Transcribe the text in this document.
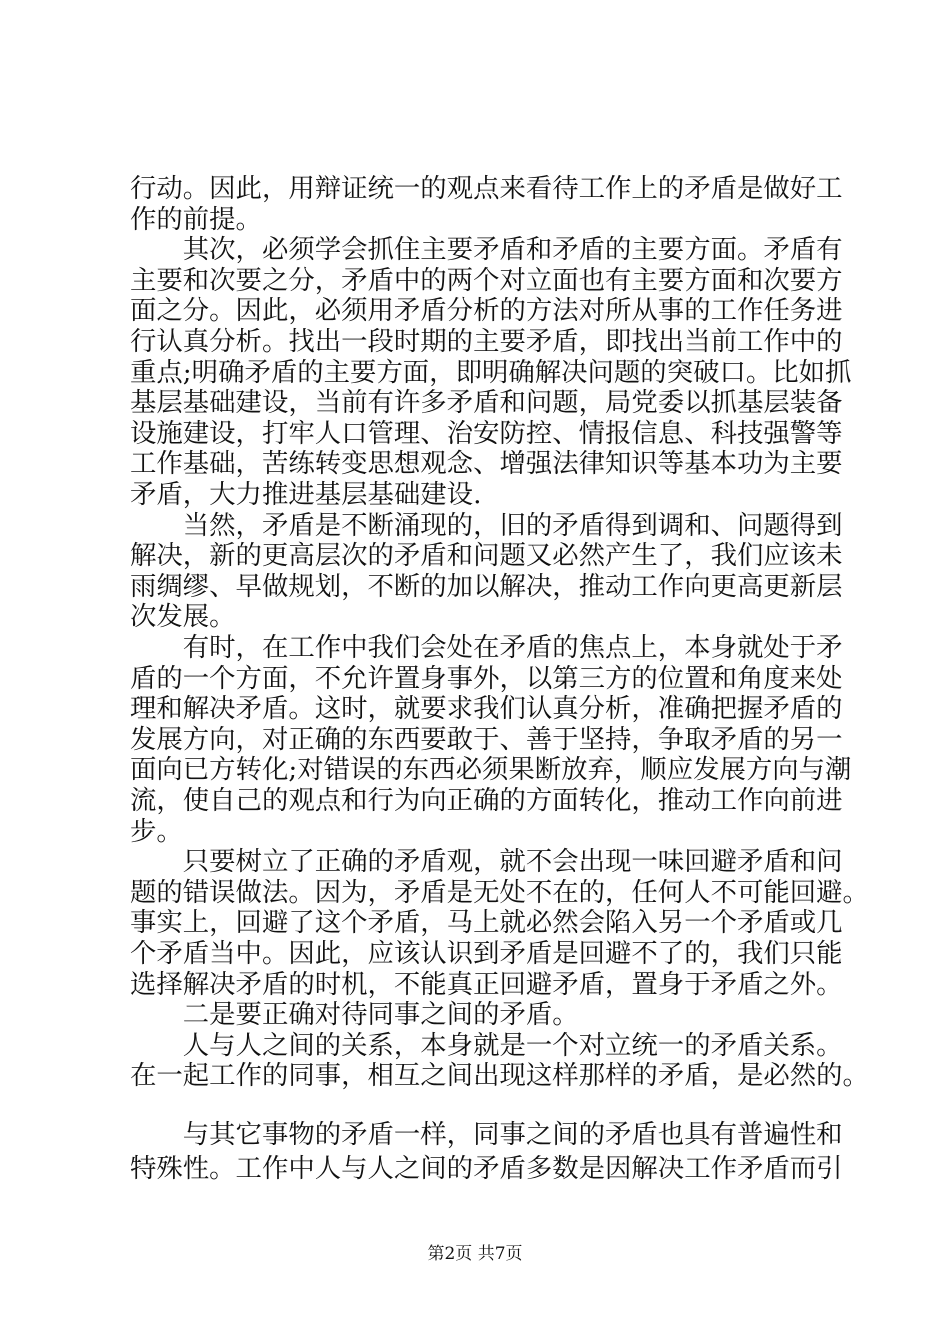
行动。因此，用辩证统一的观点来看待工作上的矛盾是做好工
作的前提。
　　其次，必须学会抓住主要矛盾和矛盾的主要方面。矛盾有
主要和次要之分，矛盾中的两个对立面也有主要方面和次要方
面之分。因此，必须用矛盾分析的方法对所从事的工作任务进
行认真分析。找出一段时期的主要矛盾，即找出当前工作中的
重点;明确矛盾的主要方面，即明确解决问题的突破口。比如抓
基层基础建设，当前有许多矛盾和问题，局党委以抓基层装备
设施建设，打牢人口管理、治安防控、情报信息、科技强警等
工作基础，苦练转变思想观念、增强法律知识等基本功为主要
矛盾，大力推进基层基础建设.
　　当然，矛盾是不断涌现的，旧的矛盾得到调和、问题得到
解决，新的更高层次的矛盾和问题又必然产生了，我们应该未
雨绸缪、早做规划，不断的加以解决，推动工作向更高更新层
次发展。
　　有时，在工作中我们会处在矛盾的焦点上，本身就处于矛
盾的一个方面，不允许置身事外，以第三方的位置和角度来处
理和解决矛盾。这时，就要求我们认真分析，准确把握矛盾的
发展方向，对正确的东西要敢于、善于坚持，争取矛盾的另一
面向已方转化;对错误的东西必须果断放弃，顺应发展方向与潮
流，使自己的观点和行为向正确的方面转化，推动工作向前进
步。
　　只要树立了正确的矛盾观，就不会出现一味回避矛盾和问
题的错误做法。因为，矛盾是无处不在的，任何人不可能回避。
事实上，回避了这个矛盾，马上就必然会陷入另一个矛盾或几
个矛盾当中。因此，应该认识到矛盾是回避不了的，我们只能
选择解决矛盾的时机，不能真正回避矛盾，置身于矛盾之外。
　　二是要正确对待同事之间的矛盾。
　　人与人之间的关系，本身就是一个对立统一的矛盾关系。
在一起工作的同事，相互之间出现这样那样的矛盾，是必然的。
　　与其它事物的矛盾一样，同事之间的矛盾也具有普遍性和
特殊性。工作中人与人之间的矛盾多数是因解决工作矛盾而引
第2页 共7页
